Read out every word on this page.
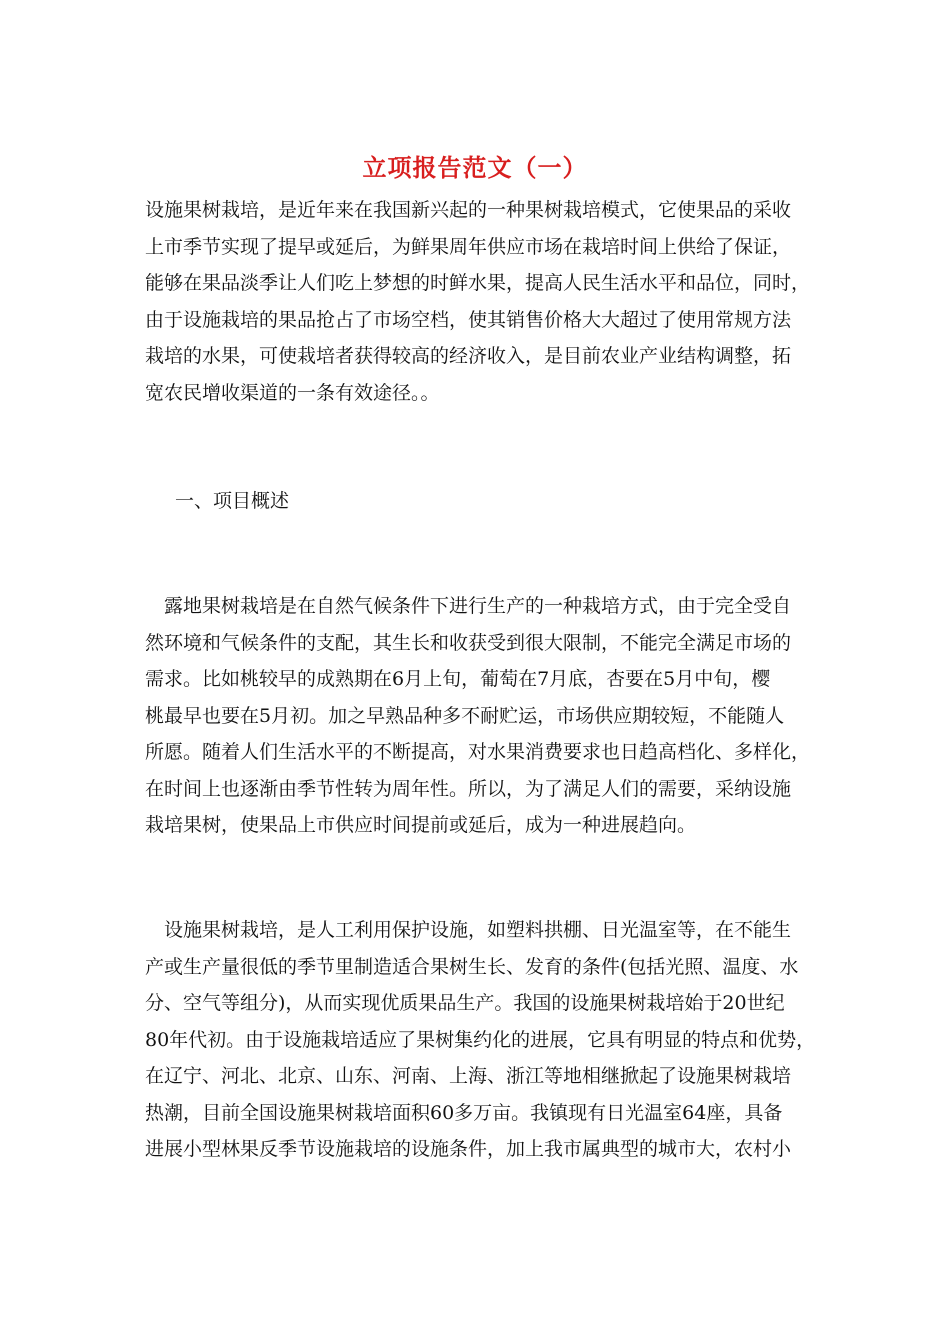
立项报告范文（一）
设施果树栽培，是近年来在我国新兴起的一种果树栽培模式，它使果品的采收
上市季节实现了提早或延后，为鲜果周年供应市场在栽培时间上供给了保证，
能够在果品淡季让人们吃上梦想的时鲜水果，提高人民生活水平和品位，同时，
由于设施栽培的果品抢占了市场空档，使其销售价格大大超过了使用常规方法
栽培的水果，可使栽培者获得较高的经济收入，是目前农业产业结构调整，拓
宽农民增收渠道的一条有效途径。。
一、项目概述
　露地果树栽培是在自然气候条件下进行生产的一种栽培方式，由于完全受自
然环境和气候条件的支配，其生长和收获受到很大限制，不能完全满足市场的
需求。比如桃较早的成熟期在6月上旬，葡萄在7月底，杏要在5月中旬，樱
桃最早也要在5月初。加之早熟品种多不耐贮运，市场供应期较短，不能随人
所愿。随着人们生活水平的不断提高，对水果消费要求也日趋高档化、多样化，
在时间上也逐渐由季节性转为周年性。所以，为了满足人们的需要，采纳设施
栽培果树，使果品上市供应时间提前或延后，成为一种进展趋向。
　设施果树栽培，是人工利用保护设施，如塑料拱棚、日光温室等，在不能生
产或生产量很低的季节里制造适合果树生长、发育的条件(包括光照、温度、水
分、空气等组分)，从而实现优质果品生产。我国的设施果树栽培始于20世纪
80年代初。由于设施栽培适应了果树集约化的进展，它具有明显的特点和优势，
在辽宁、河北、北京、山东、河南、上海、浙江等地相继掀起了设施果树栽培
热潮，目前全国设施果树栽培面积60多万亩。我镇现有日光温室64座，具备
进展小型林果反季节设施栽培的设施条件，加上我市属典型的城市大，农村小
